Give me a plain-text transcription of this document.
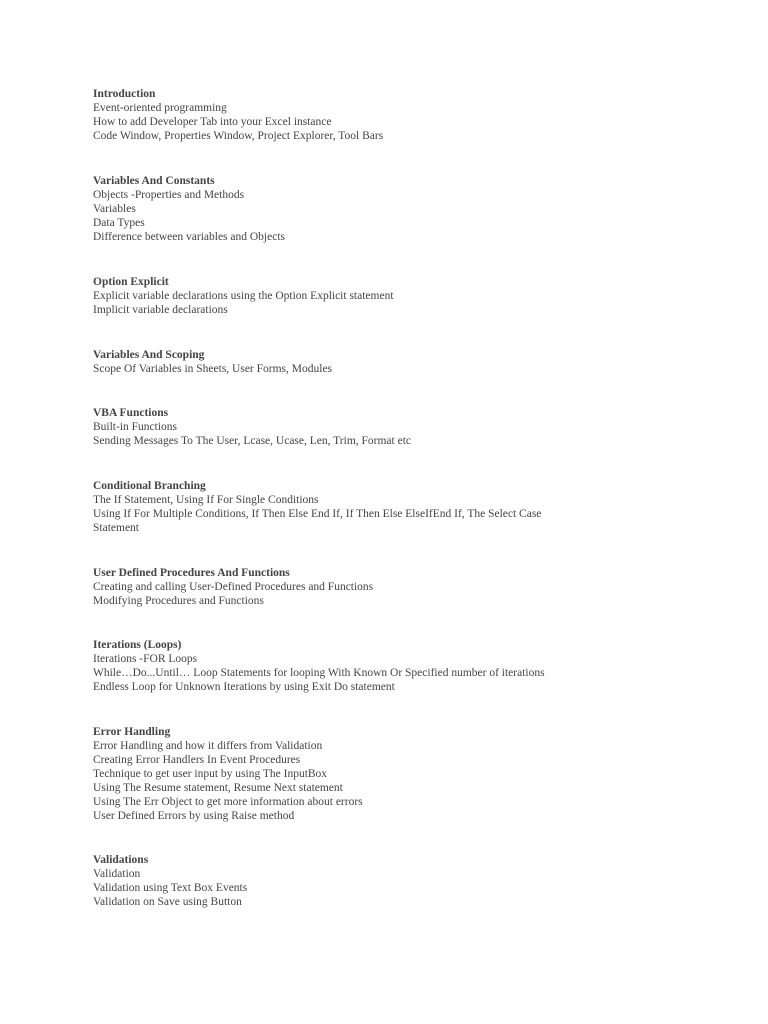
Introduction
Event-oriented programming
How to add Developer Tab into your Excel instance
Code Window, Properties Window, Project Explorer, Tool Bars
Variables And Constants
Objects -Properties and Methods
Variables
Data Types
Difference between variables and Objects
Option Explicit
Explicit variable declarations using the Option Explicit statement
Implicit variable declarations
Variables And Scoping
Scope Of Variables in Sheets, User Forms, Modules
VBA Functions
Built-in Functions
Sending Messages To The User, Lcase, Ucase, Len, Trim, Format etc
Conditional Branching
The If Statement, Using If For Single Conditions
Using If For Multiple Conditions, If Then Else End If, If Then Else ElseIfEnd If, The Select Case Statement
User Defined Procedures And Functions
Creating and calling User-Defined Procedures and Functions
Modifying Procedures and Functions
Iterations (Loops)
Iterations -FOR Loops
While…Do...Until… Loop Statements for looping With Known Or Specified number of iterations
Endless Loop for Unknown Iterations by using Exit Do statement
Error Handling
Error Handling and how it differs from Validation
Creating Error Handlers In Event Procedures
Technique to get user input by using The InputBox
Using The Resume statement, Resume Next statement
Using The Err Object to get more information about errors
User Defined Errors by using Raise method
Validations
Validation
Validation using Text Box Events
Validation on Save using Button
